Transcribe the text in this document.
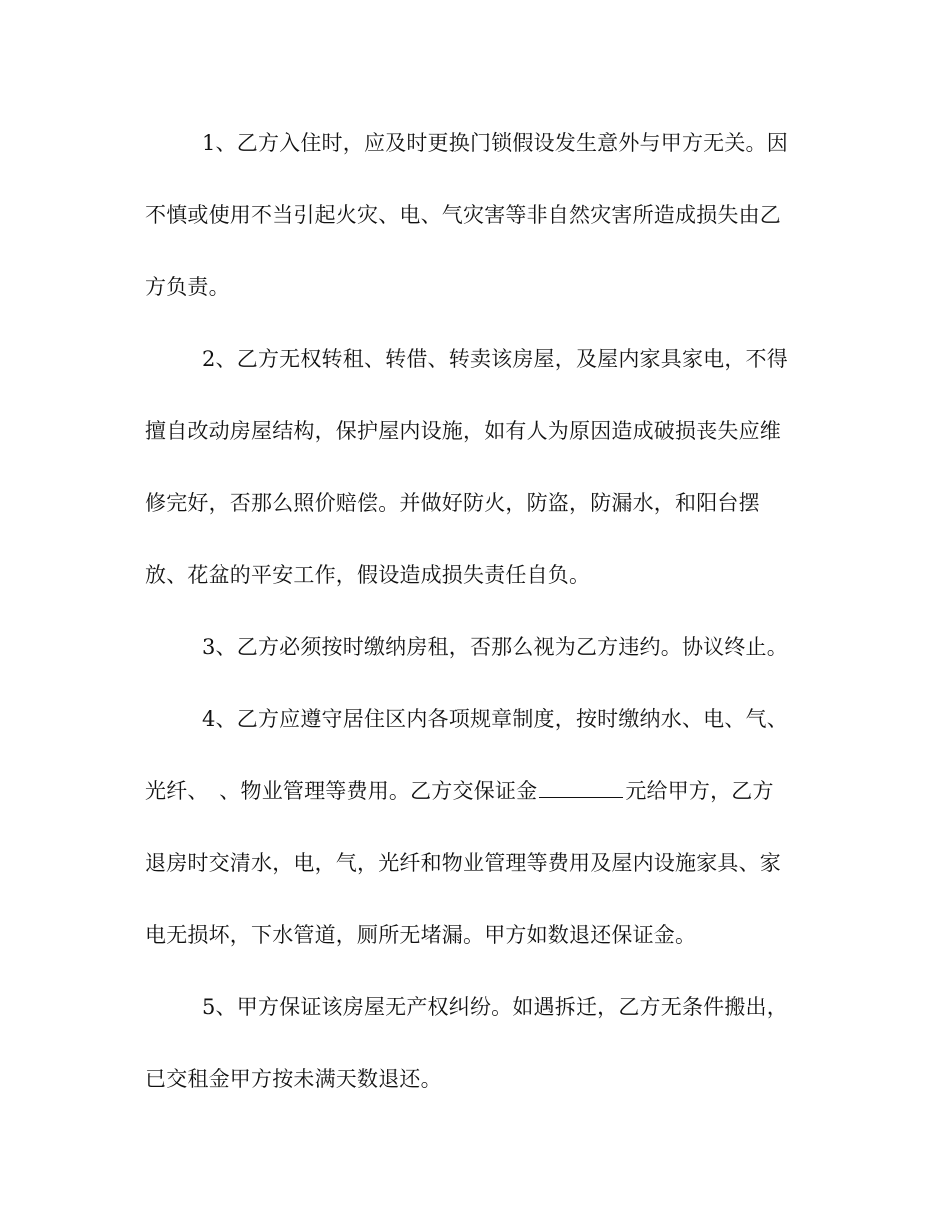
1、乙方入住时，应及时更换门锁假设发生意外与甲方无关。因
不慎或使用不当引起火灾、电、气灾害等非自然灾害所造成损失由乙
方负责。
2、乙方无权转租、转借、转卖该房屋，及屋内家具家电，不得
擅自改动房屋结构，保护屋内设施，如有人为原因造成破损丧失应维
修完好，否那么照价赔偿。并做好防火，防盗，防漏水，和阳台摆
放、花盆的平安工作，假设造成损失责任自负。
3、乙方必须按时缴纳房租，否那么视为乙方违约。协议终止。
4、乙方应遵守居住区内各项规章制度，按时缴纳水、电、气、
光纤、　、物业管理等费用。乙方交保证金	元给甲方，乙方
退房时交清水，电，气，光纤和物业管理等费用及屋内设施家具、家
电无损坏，下水管道，厕所无堵漏。甲方如数退还保证金。
5、甲方保证该房屋无产权纠纷。如遇拆迁，乙方无条件搬出，
已交租金甲方按未满天数退还。
